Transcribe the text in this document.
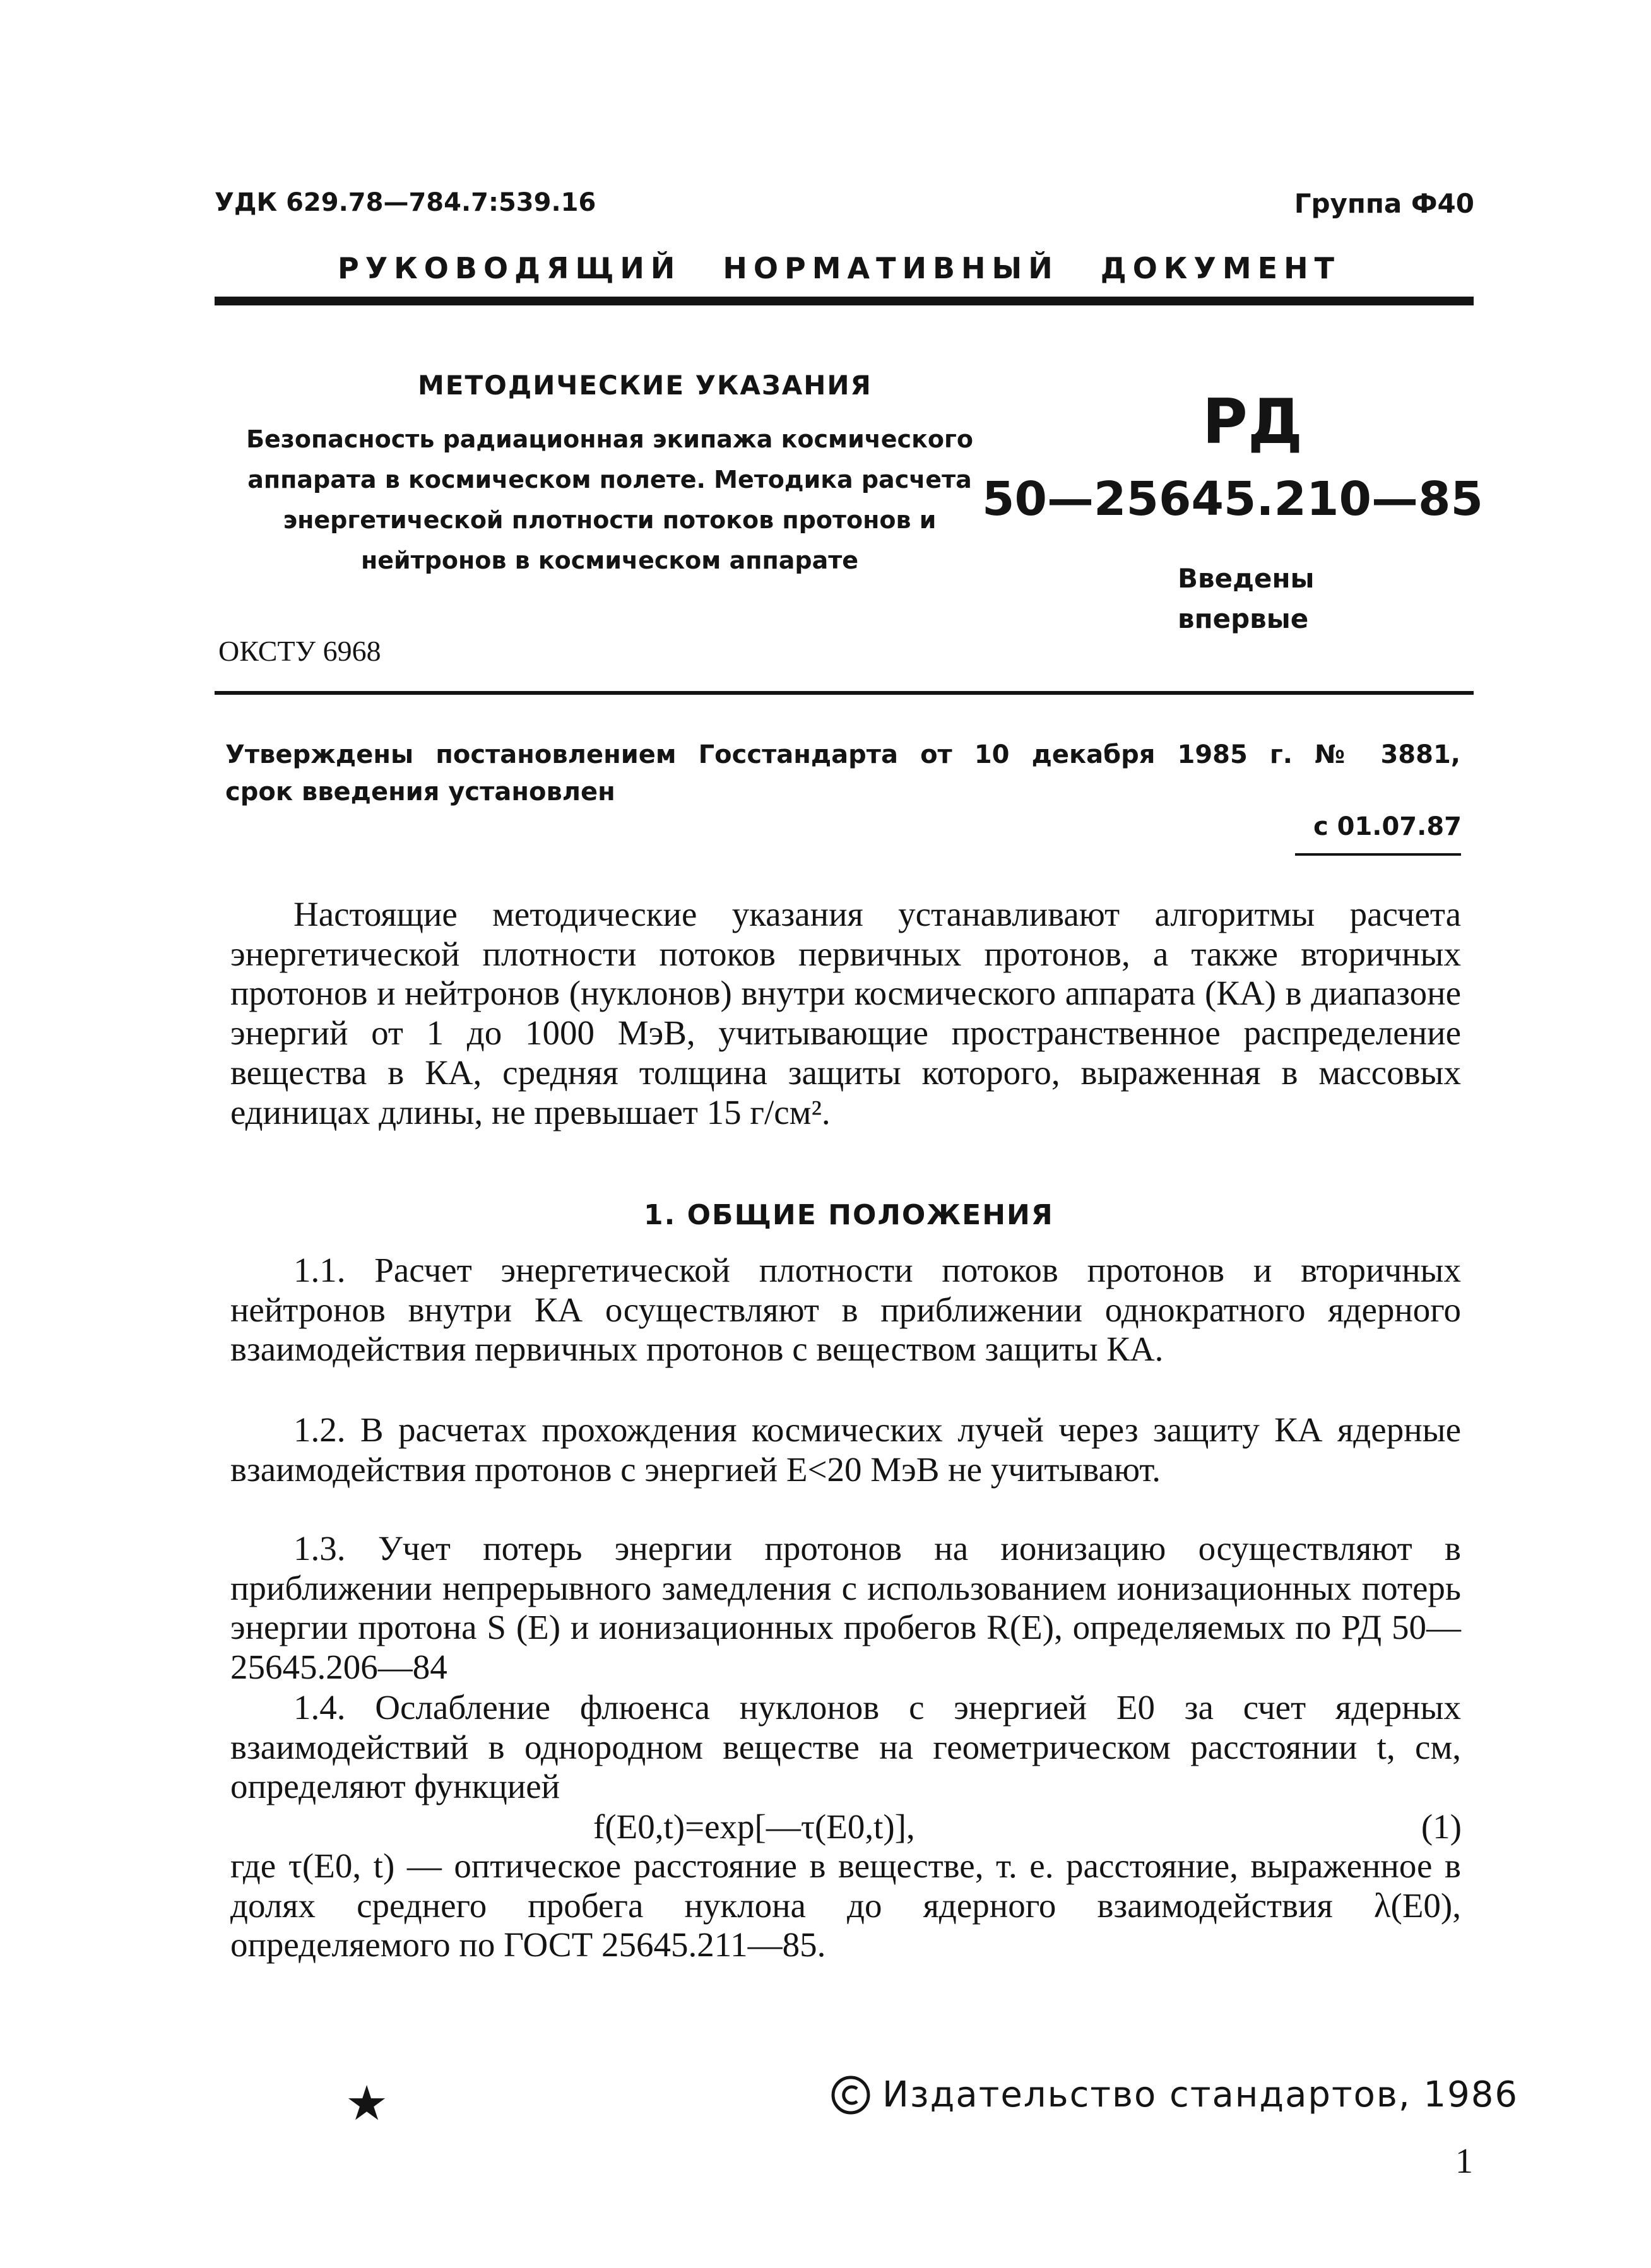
УДК 629.78—784.7:539.16	Группа Ф40
РУКОВОДЯЩИЙ НОРМАТИВНЫЙ ДОКУМЕНТ
МЕТОДИЧЕСКИЕ УКАЗАНИЯ
Безопасность радиационная экипажа космического аппарата в космическом полете. Методика расчета энергетической плотности потоков протонов и нейтронов в космическом аппарате
РД
50—25645.210—85
Введены
впервые
ОКСТУ 6968
Утверждены постановлением Госстандарта от 10 декабря 1985 г. № 3881,
срок введения установлен
с 01.07.87
Настоящие методические указания устанавливают алгоритмы расчета энергетической плотности потоков первичных протонов, а также вторичных протонов и нейтронов (нуклонов) внутри космического аппарата (КА) в диапазоне энергий от 1 до 1000 МэВ, учитывающие пространственное распределение вещества в КА, средняя толщина защиты которого, выраженная в массовых единицах длины, не превышает 15 г/см².
1. ОБЩИЕ ПОЛОЖЕНИЯ
1.1. Расчет энергетической плотности потоков протонов и вторичных нейтронов внутри КА осуществляют в приближении однократного ядерного взаимодействия первичных протонов с веществом защиты КА.
1.2. В расчетах прохождения космических лучей через защиту КА ядерные взаимодействия протонов с энергией E<20 МэВ не учитывают.
1.3. Учет потерь энергии протонов на ионизацию осуществляют в приближении непрерывного замедления с использованием ионизационных потерь энергии протона S (E) и ионизационных пробегов R(E), определяемых по РД 50—25645.206—84
1.4. Ослабление флюенса нуклонов с энергией E0 за счет ядерных взаимодействий в однородном веществе на геометрическом расстоянии t, см, определяют функцией
f(E0,t)=exp[—τ(E0,t)],	(1)
где τ(E0, t) — оптическое расстояние в веществе, т. е. расстояние, выраженное в долях среднего пробега нуклона до ядерного взаимодействия λ(E0), определяемого по ГОСТ 25645.211—85.
★	Издательство стандартов, 1986
1
